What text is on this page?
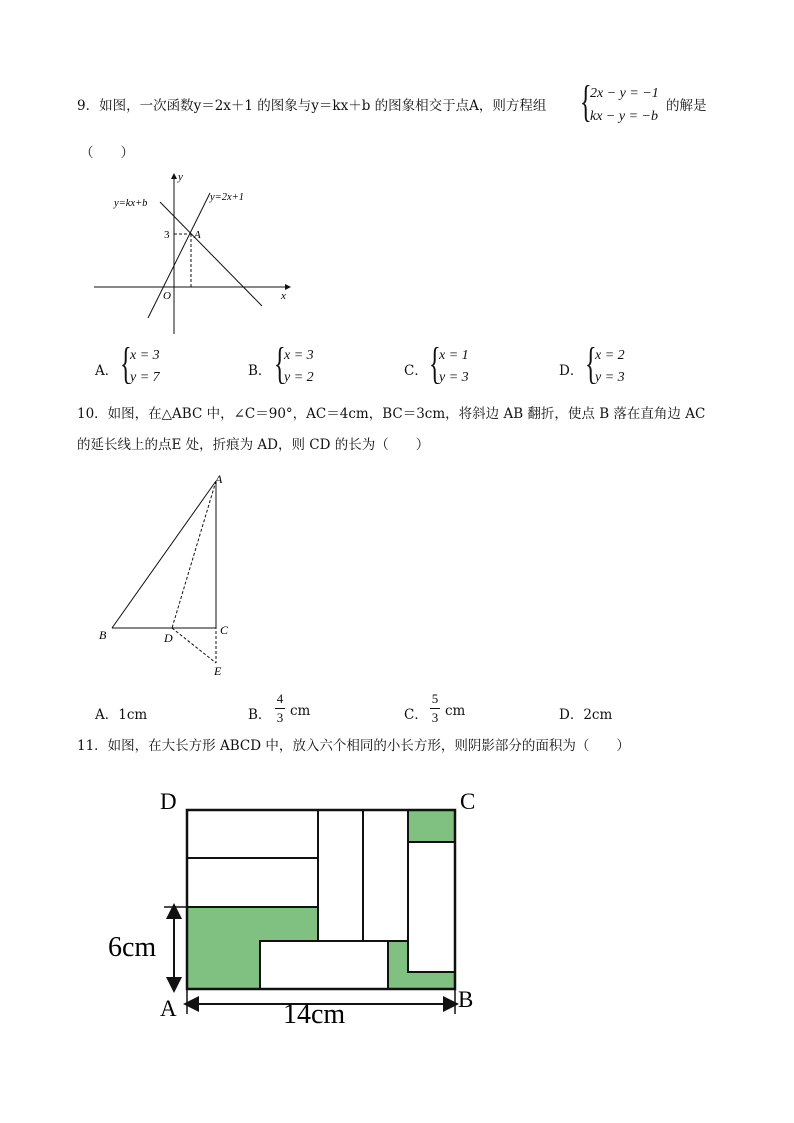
9．如图，一次函数y＝2x＋1 的图象与y＝kx＋b 的图象相交于点A，则方程组 {
2x − y = −1
kx − y = −b
的解是
（　　）
y
x
O
A
3
y=kx+b
y=2x+1
A． {
x = 3
y = 7	B． {
x = 3
y = 2	C． {
x = 1
y = 3	D． {
x = 2
y = 3
10．如图，在△ABC 中，∠C＝90°，AC＝4cm，BC＝3cm，将斜边 AB 翻折，使点 B 落在直角边 AC
的延长线上的点E 处，折痕为 AD，则 CD 的长为（　　）
A
B	C
D
E
A．1cm	B．
4
3 cm	C．
5
3 cm	D．2cm
11．如图，在大长方形 ABCD 中，放入六个相同的小长方形，则阴影部分的面积为（　　）
D	C
A	B
6cm
14cm
